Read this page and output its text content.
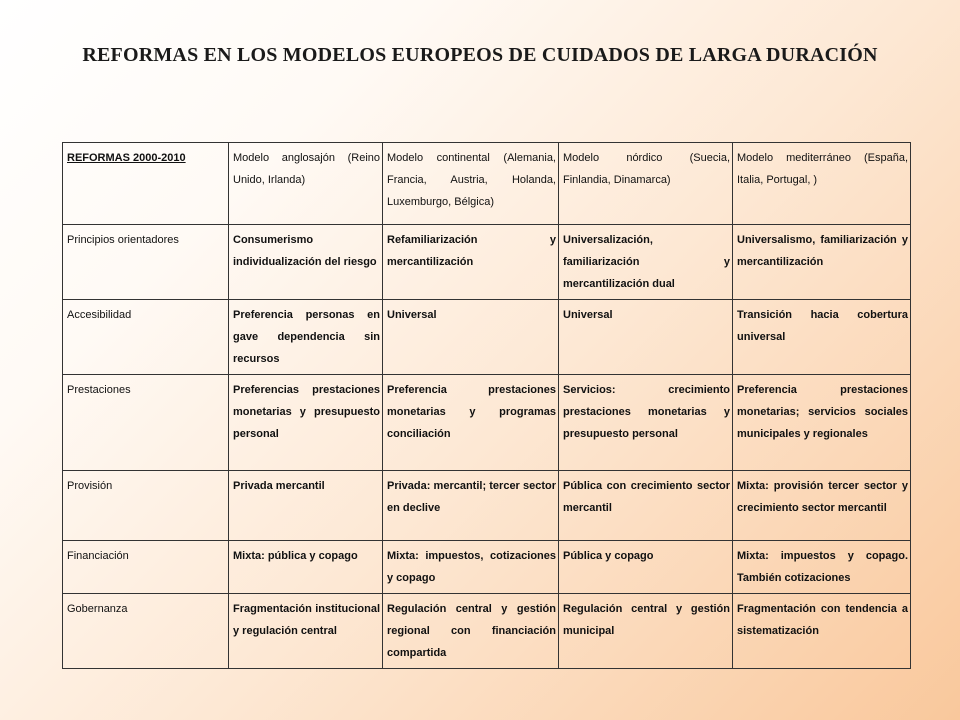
REFORMAS EN LOS MODELOS EUROPEOS DE CUIDADOS DE LARGA DURACIÓN
REFORMAS 2000-2010	Modelo anglosajón (Reino Unido, Irlanda)	Modelo continental (Alemania, Francia, Austria, Holanda, Luxemburgo, Bélgica)	Modelo nórdico (Suecia, Finlandia, Dinamarca)	Modelo mediterráneo (España, Italia, Portugal, )
Principios orientadores	Consumerismo individualización del riesgo	Refamiliarización y mercantilización	Universalización, familiarización y mercantilización dual	Universalismo, familiarización y mercantilización
Accesibilidad	Preferencia personas en gave dependencia sin recursos	Universal	Universal	Transición hacia cobertura universal
Prestaciones	Preferencias prestaciones monetarias y presupuesto personal	Preferencia prestaciones monetarias y programas conciliación	Servicios: crecimiento prestaciones monetarias y presupuesto personal	Preferencia prestaciones monetarias; servicios sociales municipales y regionales
Provisión	Privada mercantil	Privada: mercantil; tercer sector en declive	Pública con crecimiento sector mercantil	Mixta: provisión tercer sector y crecimiento sector mercantil
Financiación	Mixta: pública y copago	Mixta: impuestos, cotizaciones y copago	Pública y copago	Mixta: impuestos y copago. También cotizaciones
Gobernanza	Fragmentación institucional y regulación central	Regulación central y gestión regional con financiación compartida	Regulación central y gestión municipal	Fragmentación con tendencia a sistematización
